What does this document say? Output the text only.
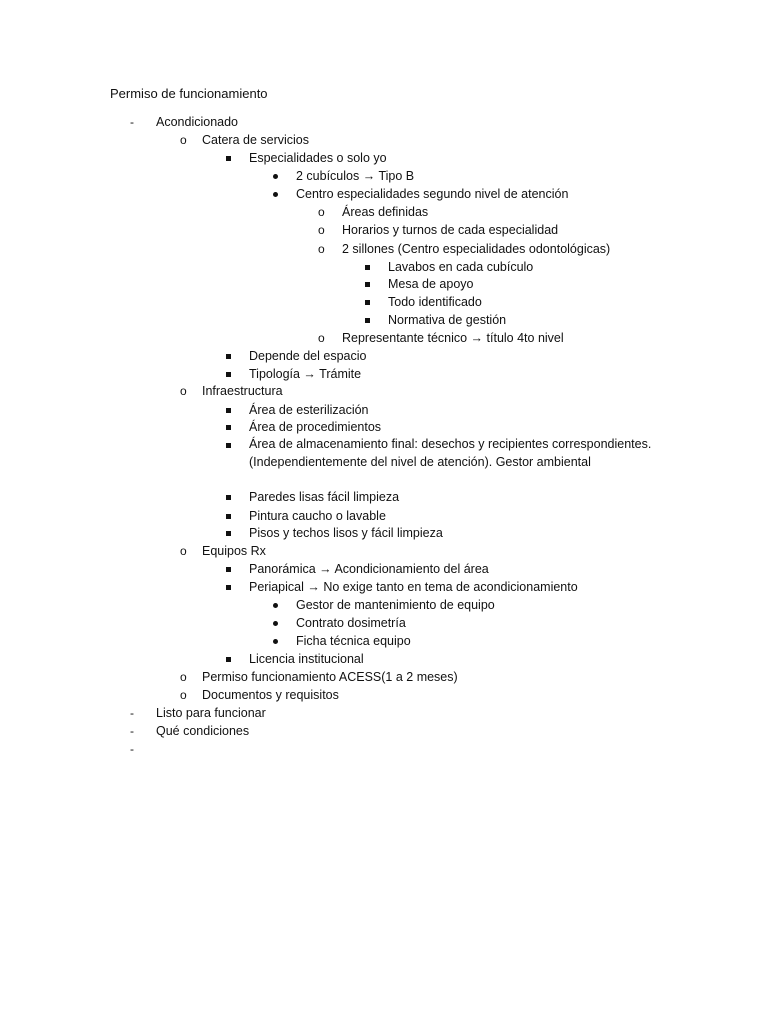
Permiso de funcionamiento
- Acondicionado
o Catera de servicios
Especialidades o solo yo
2 cubículos → Tipo B
Centro especialidades segundo nivel de atención
o Áreas definidas
o Horarios y turnos de cada especialidad
o 2 sillones (Centro especialidades odontológicas)
Lavabos en cada cubículo
Mesa de apoyo
Todo identificado
Normativa de gestión
o Representante técnico → título 4to nivel
Depende del espacio
Tipología → Trámite
o Infraestructura
Área de esterilización
Área de procedimientos
Área de almacenamiento final: desechos y recipientes correspondientes. (Independientemente del nivel de atención). Gestor ambiental
Paredes lisas fácil limpieza
Pintura caucho o lavable
Pisos y techos lisos y fácil limpieza
o Equipos Rx
Panorámica → Acondicionamiento del área
Periapical → No exige tanto en tema de acondicionamiento
Gestor de mantenimiento de equipo
Contrato dosimetría
Ficha técnica equipo
Licencia institucional
o Permiso funcionamiento ACESS(1 a 2 meses)
o Documentos y requisitos
- Listo para funcionar
- Qué condiciones
-
